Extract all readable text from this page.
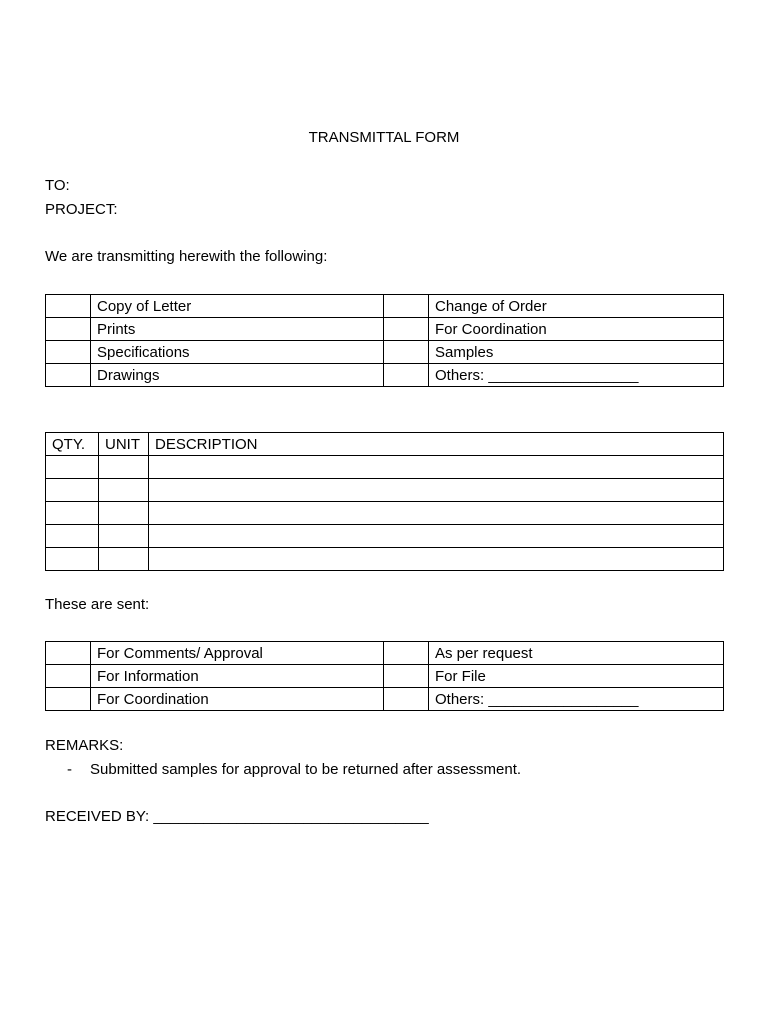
TRANSMITTAL FORM
TO:
PROJECT:
We are transmitting herewith the following:
	Copy of Letter		Change of Order
	Prints		For Coordination
	Specifications		Samples
	Drawings		Others: __________________
QTY.	UNIT	DESCRIPTION

These are sent:
	For Comments/ Approval		As per request
	For Information		For File
	For Coordination		Others: __________________
REMARKS:
- Submitted samples for approval to be returned after assessment.
RECEIVED BY: _________________________________
